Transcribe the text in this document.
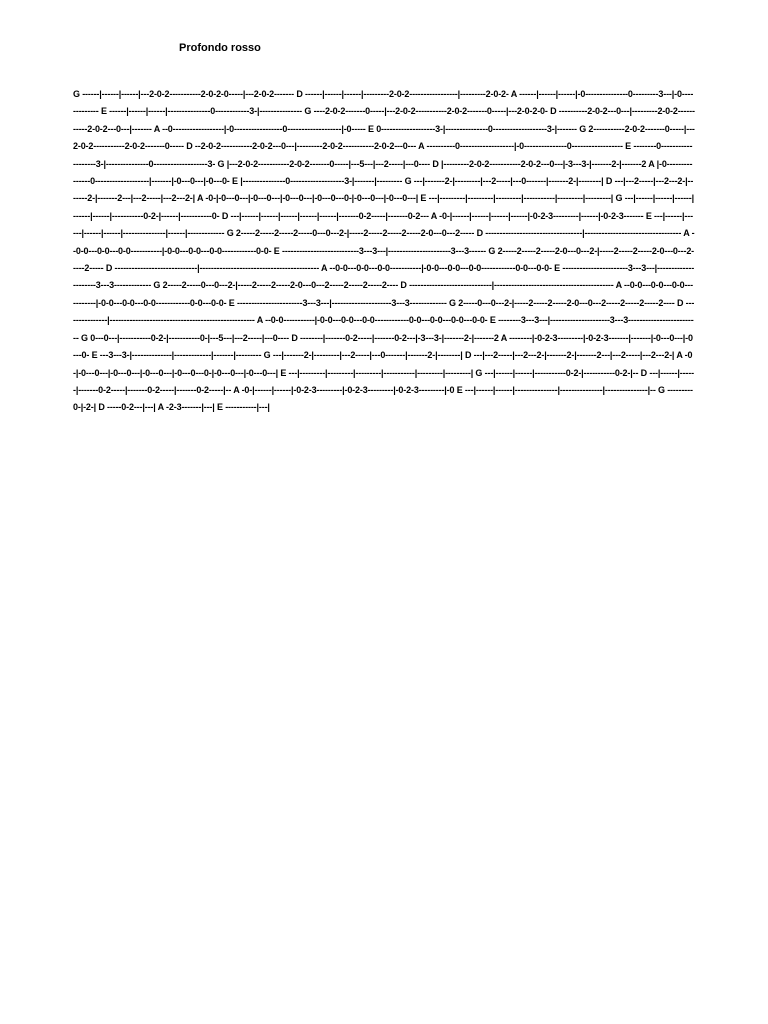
Profondo rosso
G ------|------|------|---2-0-2-----------2-0-2-0-----|---2-0-2------- D ------|------|------|---------2-0-2-----------------|---------2-0-2- A ------|------|------|-0---------------0---------3---|-0------------- E ------|------|------|---------------0------------3-|--------------- G ----2-0-2-------0-----|---2-0-2-----------2-0-2-------0-----|---2-0-2-0- D ----------2-0-2---0---|---------2-0-2-----------2-0-2---0---|------- A --0------------------|-0-----------------0-------------------|-0----- E 0-------------------3-|---------------0-------------------3-|------- G 2-----------2-0-2-------0-----|---2-0-2-----------2-0-2-------0----- D --2-0-2-----------2-0-2---0---|---------2-0-2-----------2-0-2---0--- A ----------0-------------------|-0---------------0------------------ E --------0-------------------3-|---------------0-------------------3- G |---2-0-2-----------2-0-2-------0-----|---5---|---2-----|---0---- D |---------2-0-2-----------2-0-2---0---|-3---3-|-------2-|-------2 A |-0---------------0-------------------|-------|-0---0---|-0---0- E |---------------0-------------------3-|-------|--------- G ---|-------2-|---------|---2-----|---0-------|-------2-|--------| D ---|---2-----|---2---2-|-------2-|-------2---|---2-----|---2---2-| A -0-|-0---0---|-0---0---|-0---0---|-0---0---0-|-0---0---|-0---0---| E ---|---------|---------|---------|-----------|---------|---------| G ---|------|------|------|------|------|-----------0-2-|------|-----------0- D ---|------|------|------|------|------|-------0-2-----|-------0-2--- A -0-|------|------|------|------|-0-2-3---------|------|-0-2-3------- E ---|------|------|------|------|---------------|------|------------- G 2-----2-----2-----2-----0---0---2-|-----2-----2-----2-----2-0---0---2----- D ----------------------------------|---------------------------------- A --0-0---0-0---0-0-----------|-0-0---0-0---0-0------------0-0- E ---------------------------3---3---|----------------------3---3------ G 2-----2-----2-----2-0---0---2-|-----2-----2-----2-0---0---2-----2----- D -----------------------------|------------------------------------------ A --0-0---0-0---0-0-----------|-0-0---0-0---0-0------------0-0---0-0- E -----------------------3---3---|---------------------3---3------------- G 2-----2-----0---0---2-|-----2-----2-----2-0---0---2-----2-----2-----2---- D -----------------------------|------------------------------------------ A --0-0---0-0---0-0-----------|-0-0---0-0---0-0------------0-0---0-0- E -----------------------3---3---|---------------------3---3------------- G 2-----0---0---2-|-----2-----2-----2-0---0---2-----2-----2-----2---- D ---------------|--------------------------------------------------- A --0-0-----------|-0-0---0-0---0-0------------0-0---0-0---0-0---0-0- E --------3---3---|---------------------3---3------------------------- G 0---0---|-----------0-2-|-----------0-|---5---|---2-----|---0---- D --------|-------0-2-----|-------0-2---|-3---3-|-------2-|-------2 A --------|-0-2-3---------|-0-2-3-------|-------|-0---0---|-0---0- E ---3---3-|--------------|-------------|-------|--------- G ---|-------2-|---------|---2-----|---0-------|-------2-|--------| D ---|---2-----|---2---2-|-------2-|-------2---|---2-----|---2---2-| A -0-|-0---0---|-0---0---|-0---0---|-0---0---0-|-0---0---|-0---0---| E ---|---------|---------|---------|-----------|---------|---------| G ---|------|------|-----------0-2-|-----------0-2-|-- D ---|------|------|-------0-2-----|-------0-2-----|-------0-2-----|-- A -0-|------|------|-0-2-3---------|-0-2-3---------|-0-2-3---------|-0 E ---|------|------|---------------|---------------|---------------|-- G ---------0-|-2-| D -----0-2---|---| A -2-3-------|---| E -----------|---|
